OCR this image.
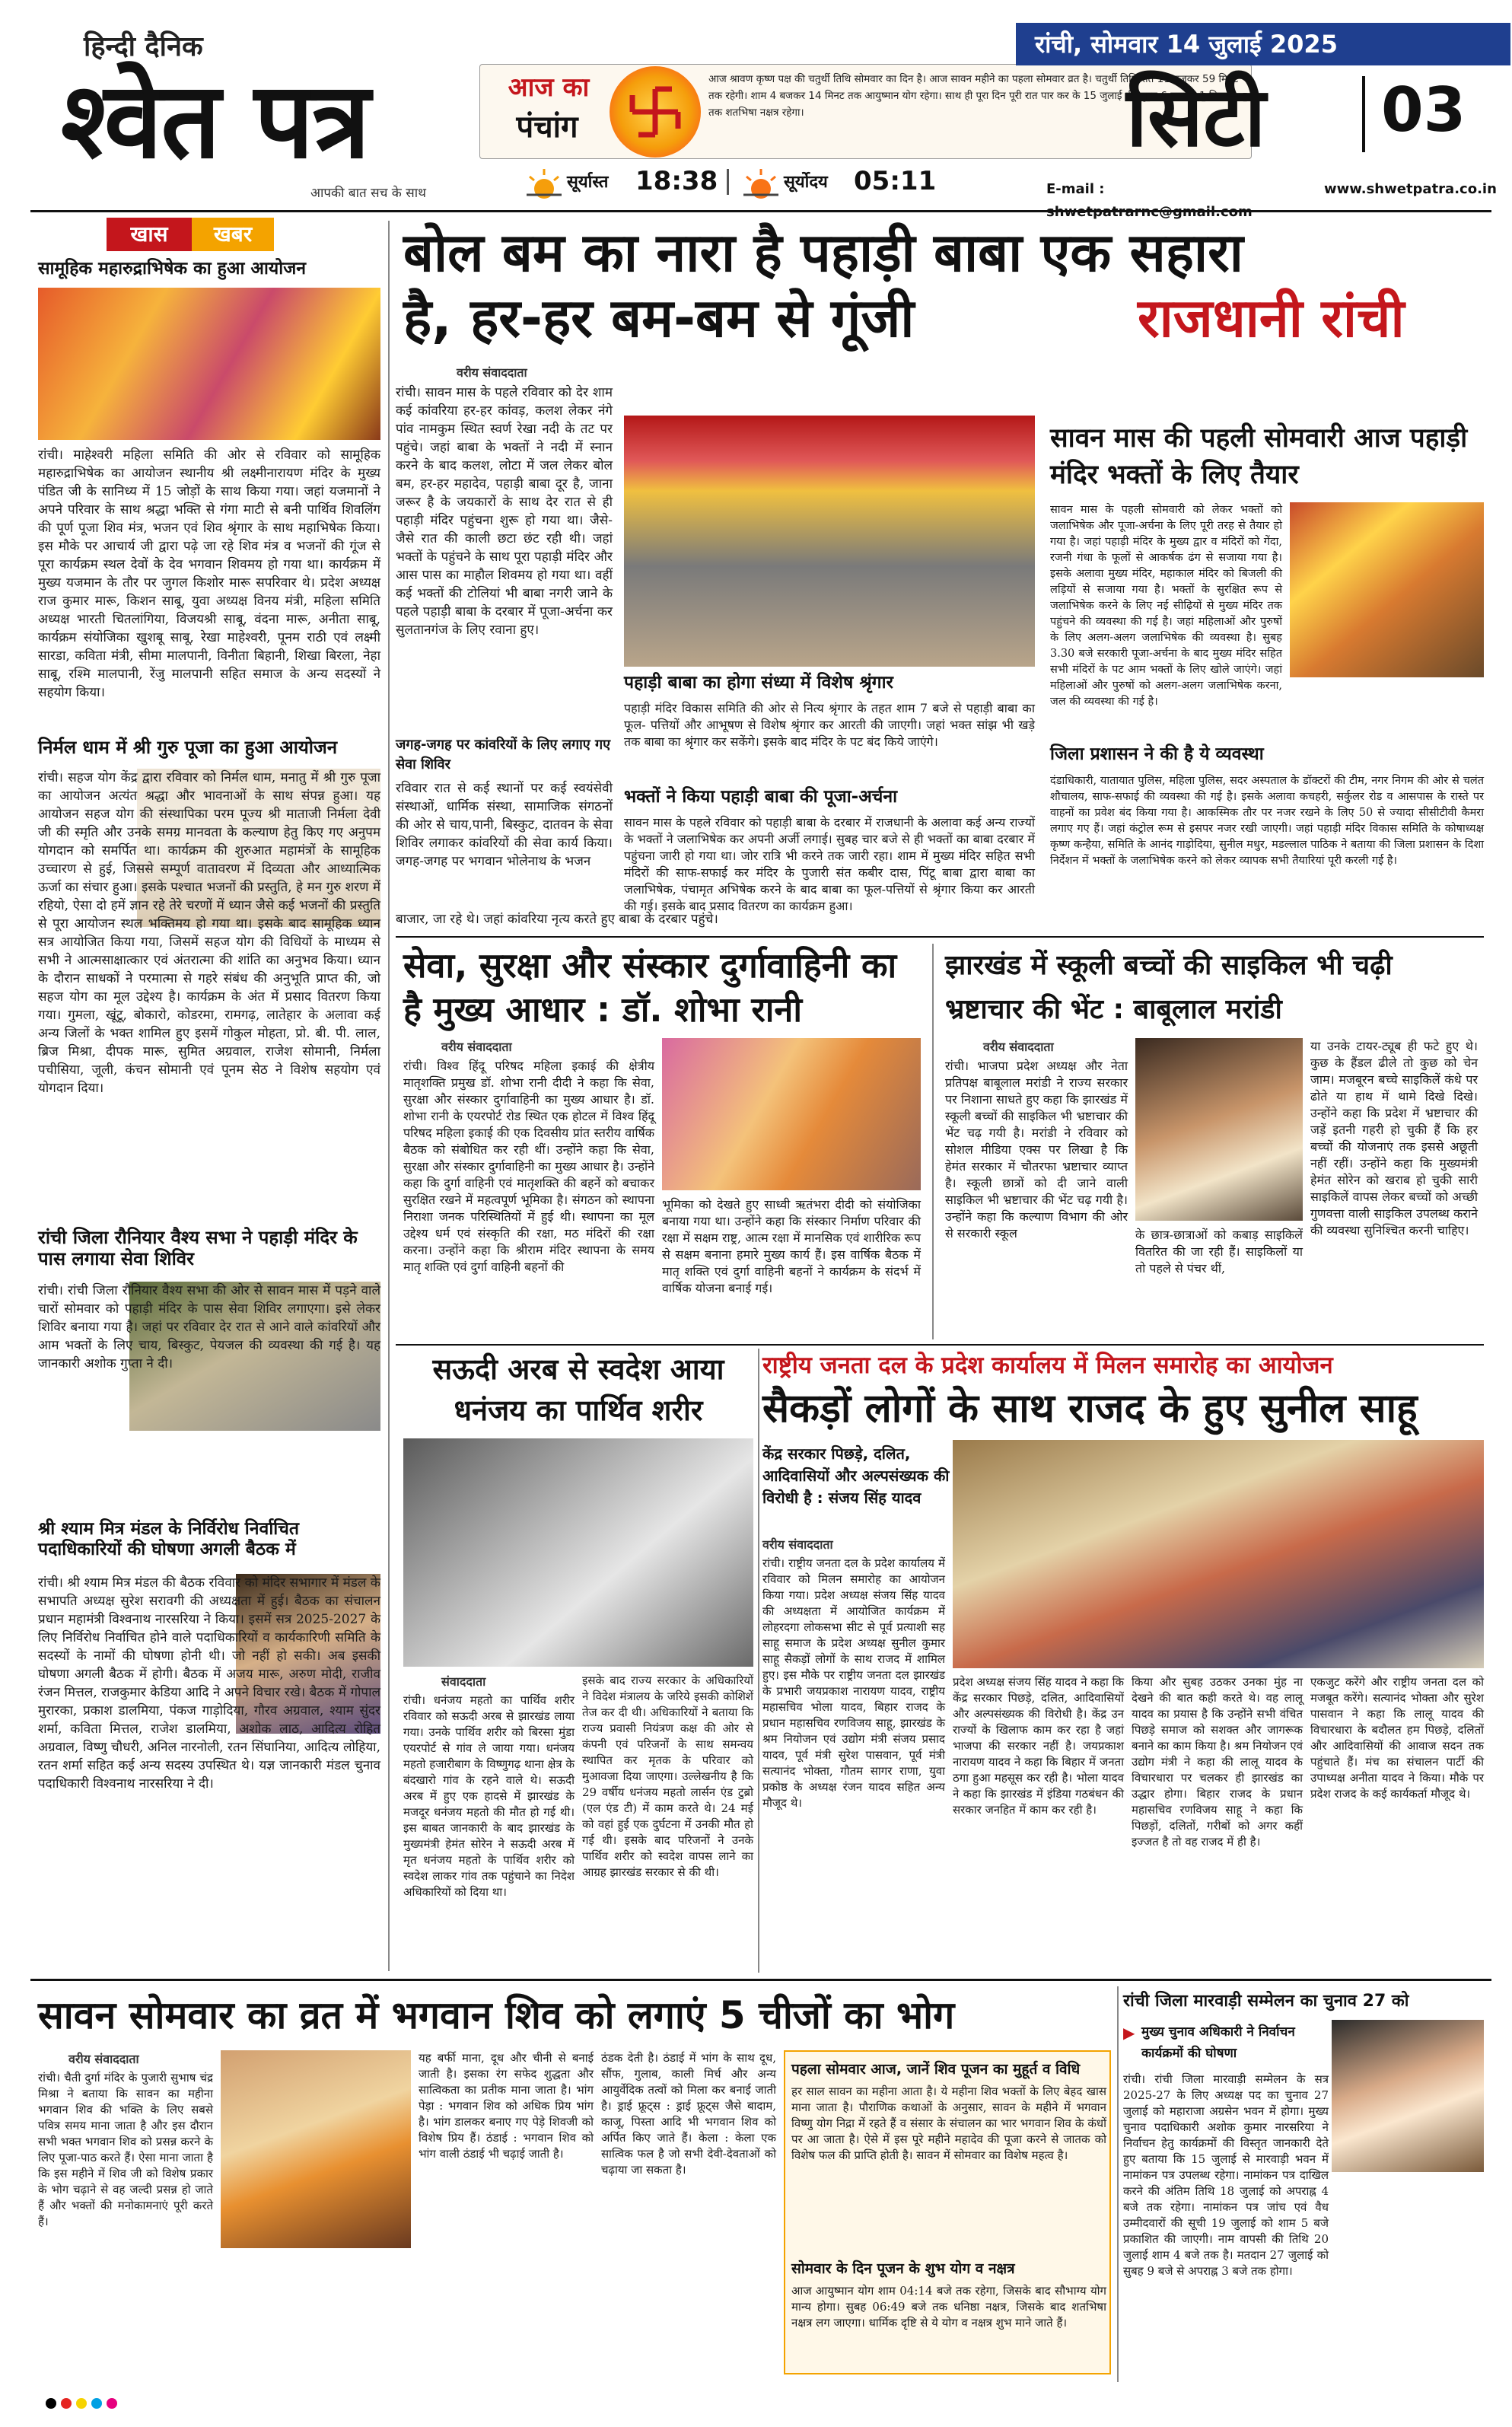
हिन्दी दैनिक
श्वेत पत्र
आपकी बात सच के साथ
आज का
पंचांग
आज श्रावण कृष्ण पक्ष की चतुर्थी तिथि सोमवार का दिन है। आज सावन महीने का पहला सोमवार व्रत है। चतुर्थी तिथि रात 11 बजकर 59 मिनट तक रहेगी। शाम 4 बजकर 14 मिनट तक आयुष्मान योग रहेगा। साथ ही पूरा दिन पूरी रात पार कर के 15 जुलाई की सुबह 6 बजकर 1 मिनट तक शतभिषा नक्षत्र रहेगा।
सूर्यास्त	18:38	सूर्योदय	05:11
रांची, सोमवार 14 जुलाई 2025
सिटी	03
E-mail :	www.shwetpatra.co.in
खास	खबर
सामूहिक महारुद्राभिषेक का हुआ आयोजन
रांची। माहेश्वरी महिला समिति की ओर से रविवार को सामूहिक महारुद्राभिषेक का आयोजन स्थानीय श्री लक्ष्मीनारायण मंदिर के मुख्य पंडित जी के सानिध्य में 15 जोड़ों के साथ किया गया। जहां यजमानों ने अपने परिवार के साथ श्रद्धा भक्ति से गंगा माटी से बनी पार्थिव शिवलिंग की पूर्ण पूजा शिव मंत्र, भजन एवं शिव श्रृंगार के साथ महाभिषेक किया। इस मौके पर आचार्य जी द्वारा पढ़े जा रहे शिव मंत्र व भजनों की गूंज से पूरा कार्यक्रम स्थल देवों के देव भगवान शिवमय हो गया था। कार्यक्रम में मुख्य यजमान के तौर पर जुगल किशोर मारू सपरिवार थे। प्रदेश अध्यक्ष राज कुमार मारू, किशन साबू, युवा अध्यक्ष विनय मंत्री, महिला समिति अध्यक्ष भारती चितलांगिया, विजयश्री साबू, वंदना मारू, अनीता साबू, कार्यक्रम संयोजिका खुशबू साबू, रेखा माहेश्वरी, पूनम राठी एवं लक्ष्मी सारडा, कविता मंत्री, सीमा मालपानी, विनीता बिहानी, शिखा बिरला, नेहा साबू, रश्मि मालपानी, रेंजु मालपानी सहित समाज के अन्य सदस्यों ने सहयोग किया।
निर्मल धाम में श्री गुरु पूजा का हुआ आयोजन
रांची। सहज योग केंद्र द्वारा रविवार को निर्मल धाम, मनातु में श्री गुरु पूजा का आयोजन अत्यंत श्रद्धा और भावनाओं के साथ संपन्न हुआ। यह आयोजन सहज योग की संस्थापिका परम पूज्य श्री माताजी निर्मला देवी जी की स्मृति और उनके समग्र मानवता के कल्याण हेतु किए गए अनुपम योगदान को समर्पित था। कार्यक्रम की शुरुआत महामंत्रों के सामूहिक उच्चारण से हुई, जिससे सम्पूर्ण वातावरण में दिव्यता और आध्यात्मिक ऊर्जा का संचार हुआ। इसके पश्चात भजनों की प्रस्तुति, हे मन गुरु शरण में रहियो, ऐसा दो हमें ज्ञान रहे तेरे चरणों में ध्यान जैसे कई भजनों की प्रस्तुति से पूरा आयोजन स्थल भक्तिमय हो गया था। इसके बाद सामूहिक ध्यान सत्र आयोजित किया गया, जिसमें सहज योग की विधियों के माध्यम से सभी ने आत्मसाक्षात्कार एवं अंतरात्मा की शांति का अनुभव किया। ध्यान के दौरान साधकों ने परमात्मा से गहरे संबंध की अनुभूति प्राप्त की, जो सहज योग का मूल उद्देश्य है। कार्यक्रम के अंत में प्रसाद वितरण किया गया। गुमला, खूंटू, बोकारो, कोडरमा, रामगढ़, लातेहार के अलावा कई अन्य जिलों के भक्त शामिल हुए इसमें गोकुल मोहता, प्रो. बी. पी. लाल, ब्रिज मिश्रा, दीपक मारू, सुमित अग्रवाल, राजेश सोमानी, निर्मला पचीसिया, जूली, कंचन सोमानी एवं पूनम सेठ ने विशेष सहयोग एवं योगदान दिया।
रांची जिला रौनियार वैश्य सभा ने पहाड़ी मंदिर के पास लगाया सेवा शिविर
रांची। रांची जिला रौनियार वैश्य सभा की ओर से सावन मास में पड़ने वाले चारों सोमवार को पहाड़ी मंदिर के पास सेवा शिविर लगाएगा। इसे लेकर शिविर बनाया गया है। जहां पर रविवार देर रात से आने वाले कांवरियों और आम भक्तों के लिए चाय, बिस्कुट, पेयजल की व्यवस्था की गई है। यह जानकारी अशोक गुप्ता ने दी।
श्री श्याम मित्र मंडल के निर्विरोध निर्वाचित पदाधिकारियों की घोषणा अगली बैठक में
रांची। श्री श्याम मित्र मंडल की बैठक रविवार को मंदिर सभागार में मंडल के सभापति अध्यक्ष सुरेश सरावगी की अध्यक्षता में हुई। बैठक का संचालन प्रधान महामंत्री विश्वनाथ नारसरिया ने किया। इसमें सत्र 2025-2027 के लिए निर्विरोध निर्वाचित होने वाले पदाधिकारियों व कार्यकारिणी समिति के सदस्यों के नामों की घोषणा होनी थी। जो नहीं हो सकी। अब इसकी घोषणा अगली बैठक में होगी। बैठक में अजय मारू, अरुण मोदी, राजीव रंजन मित्तल, राजकुमार केडिया आदि ने अपने विचार रखे। बैठक में गोपाल मुरारका, प्रकाश डालमिया, पंकज गाड़ोदिया, गौरव अग्रवाल, श्याम सुंदर शर्मा, कविता मित्तल, राजेश डालमिया, अशोक लाठ, आदित्य रोहित अग्रवाल, विष्णु चौधरी, अनिल नारनोली, रतन सिंघानिया, आदित्य लोहिया, रतन शर्मा सहित कई अन्य सदस्य उपस्थित थे। यज्ञ जानकारी मंडल चुनाव पदाधिकारी विश्वनाथ नारसरिया ने दी।
बोल बम का नारा है पहाड़ी बाबा एक सहारा
है, हर-हर बम-बम से गूंजी	राजधानी रांची
वरीय संवाददाता
रांची। सावन मास के पहले रविवार को देर शाम कई कांवरिया हर-हर कांवड़, कलश लेकर नंगे पांव नामकुम स्थित स्वर्ण रेखा नदी के तट पर पहुंचे। जहां बाबा के भक्तों ने नदी में स्नान करने के बाद कलश, लोटा में जल लेकर बोल बम, हर-हर महादेव, पहाड़ी बाबा दूर है, जाना जरूर है के जयकारों के साथ देर रात से ही पहाड़ी मंदिर पहुंचना शुरू हो गया था। जैसे-जैसे रात की काली छटा छंट रही थी। जहां भक्तों के पहुंचने के साथ पूरा पहाड़ी मंदिर और आस पास का माहौल शिवमय हो गया था। वहीं कई भक्तों की टोलियां भी बाबा नगरी जाने के पहले पहाड़ी बाबा के दरबार में पूजा-अर्चना कर सुलतानगंज के लिए रवाना हुए।
जगह-जगह पर कांवरियों के लिए लगाए गए सेवा शिविर
रविवार रात से कई स्थानों पर कई स्वयंसेवी संस्थाओं, धार्मिक संस्था, सामाजिक संगठनों की ओर से चाय,पानी, बिस्कुट, दातवन के सेवा शिविर लगाकर कांवरियों की सेवा कार्य किया। जगह-जगह पर भगवान भोलेनाथ के भजन
पहाड़ी बाबा का होगा संध्या में विशेष श्रृंगार
पहाड़ी मंदिर विकास समिति की ओर से नित्य श्रृंगार के तहत शाम 7 बजे से पहाड़ी बाबा का फूल- पत्तियों और आभूषण से विशेष श्रृंगार कर आरती की जाएगी। जहां भक्त सांझ भी खड़े तक बाबा का श्रृंगार कर सकेंगे। इसके बाद मंदिर के पट बंद किये जाएंगे।
भक्तों ने किया पहाड़ी बाबा की पूजा-अर्चना
सावन मास के पहले रविवार को पहाड़ी बाबा के दरबार में राजधानी के अलावा कई अन्य राज्यों के भक्तों ने जलाभिषेक कर अपनी अर्जी लगाई। सुबह चार बजे से ही भक्तों का बाबा दरबार में पहुंचना जारी हो गया था। जोर रात्रि भी करने तक जारी रहा। शाम में मुख्य मंदिर सहित सभी मंदिरों की साफ-सफाई कर मंदिर के पुजारी संत कबीर दास, पिंटू बाबा द्वारा बाबा का जलाभिषेक, पंचामृत अभिषेक करने के बाद बाबा का फूल-पत्तियों से श्रृंगार किया कर आरती की गई। इसके बाद प्रसाद वितरण का कार्यक्रम हुआ।
बाजार, जा रहे थे। जहां कांवरिया नृत्य करते हुए बाबा के दरबार पहुंचे।
सावन मास की पहली सोमवारी आज पहाड़ी मंदिर भक्तों के लिए तैयार
सावन मास के पहली सोमवारी को लेकर भक्तों को जलाभिषेक और पूजा-अर्चना के लिए पूरी तरह से तैयार हो गया है। जहां पहाड़ी मंदिर के मुख्य द्वार व मंदिरों को गेंदा, रजनी गंधा के फूलों से आकर्षक ढंग से सजाया गया है। इसके अलावा मुख्य मंदिर, महाकाल मंदिर को बिजली की लड़ियों से सजाया गया है। भक्तों के सुरक्षित रूप से जलाभिषेक करने के लिए नई सीढ़ियों से मुख्य मंदिर तक पहुंचने की व्यवस्था की गई है। जहां महिलाओं और पुरुषों के लिए अलग-अलग जलाभिषेक की व्यवस्था है। सुबह 3.30 बजे सरकारी पूजा-अर्चना के बाद मुख्य मंदिर सहित सभी मंदिरों के पट आम भक्तों के लिए खोले जाएंगे। जहां महिलाओं और पुरुषों को अलग-अलग जलाभिषेक करना, जल की व्यवस्था की गई है।
जिला प्रशासन ने की है ये व्यवस्था
दंडाधिकारी, यातायात पुलिस, महिला पुलिस, सदर अस्पताल के डॉक्टरों की टीम, नगर निगम की ओर से चलंत शौचालय, साफ-सफाई की व्यवस्था की गई है। इसके अलावा कचहरी, सर्कुलर रोड व आसपास के रास्ते पर वाहनों का प्रवेश बंद किया गया है। आकस्मिक तौर पर नजर रखने के लिए 50 से ज्यादा सीसीटीवी कैमरा लगाए गए हैं। जहां कंट्रोल रूम से इसपर नजर रखी जाएगी। जहां पहाड़ी मंदिर विकास समिति के कोषाध्यक्ष कृष्ण कन्हैया, समिति के आनंद गाड़ोदिया, सुनील मधुर, मडल्लाल पाठिक ने बताया की जिला प्रशासन के दिशा निर्देशन में भक्तों के जलाभिषेक करने को लेकर व्यापक सभी तैयारियां पूरी करली गई है।
सेवा, सुरक्षा और संस्कार दुर्गावाहिनी का है मुख्य आधार : डॉ. शोभा रानी
वरीय संवाददाता
रांची। विश्व हिंदू परिषद महिला इकाई की क्षेत्रीय मातृशक्ति प्रमुख डॉ. शोभा रानी दीदी ने कहा कि सेवा, सुरक्षा और संस्कार दुर्गावाहिनी का मुख्य आधार है। डॉ. शोभा रानी के एयरपोर्ट रोड स्थित एक होटल में विश्व हिंदू परिषद महिला इकाई की एक दिवसीय प्रांत स्तरीय वार्षिक बैठक को संबोधित कर रही थीं। उन्होंने कहा कि सेवा, सुरक्षा और संस्कार दुर्गावाहिनी का मुख्य आधार है। उन्होंने कहा कि दुर्गा वाहिनी एवं मातृशक्ति की बहनें को बचाकर सुरक्षित रखने में महत्वपूर्ण भूमिका है। संगठन को स्थापना निराशा जनक परिस्थितियों में हुई थी। स्थापना का मूल उद्देश्य धर्म एवं संस्कृति की रक्षा, मठ मंदिरों की रक्षा करना। उन्होंने कहा कि श्रीराम मंदिर स्थापना के समय मातृ शक्ति एवं दुर्गा वाहिनी बहनों की
भूमिका को देखते हुए साध्वी ऋतंभरा दीदी को संयोजिका बनाया गया था। उन्होंने कहा कि संस्कार निर्माण परिवार की रक्षा में सक्षम राष्ट्र, आत्म रक्षा में मानसिक एवं शारीरिक रूप से सक्षम बनाना हमारे मुख्य कार्य हैं। इस वार्षिक बैठक में मातृ शक्ति एवं दुर्गा वाहिनी बहनों ने कार्यक्रम के संदर्भ में वार्षिक योजना बनाई गई।
झारखंड में स्कूली बच्चों की साइकिल भी चढ़ी भ्रष्टाचार की भेंट : बाबूलाल मरांडी
वरीय संवाददाता
रांची। भाजपा प्रदेश अध्यक्ष और नेता प्रतिपक्ष बाबूलाल मरांडी ने राज्य सरकार पर निशाना साधते हुए कहा कि झारखंड में स्कूली बच्चों की साइकिल भी भ्रष्टाचार की भेंट चढ़ गयी है। मरांडी ने रविवार को सोशल मीडिया एक्स पर लिखा है कि हेमंत सरकार में चौतरफा भ्रष्टाचार व्याप्त है। स्कूली छात्रों को दी जाने वाली साइकिल भी भ्रष्टाचार की भेंट चढ़ गयी है। उन्होंने कहा कि कल्याण विभाग की ओर से सरकारी स्कूल	के छात्र-छात्राओं को कबाड़ साइकिलें वितरित की जा रही हैं। साइकिलों या तो पहले से पंचर थीं,
या उनके टायर-ट्यूब ही फटे हुए थे। कुछ के हैंडल ढीले तो कुछ को चेन जाम। मजबूरन बच्चे साइकिलें कंधे पर ढोते या हाथ में थामे दिखे दिखे। उन्होंने कहा कि प्रदेश में भ्रष्टाचार की जड़ें इतनी गहरी हो चुकी हैं कि हर बच्चों की योजनाएं तक इससे अछूती नहीं रहीं। उन्होंने कहा कि मुख्यमंत्री हेमंत सोरेन को खराब हो चुकी सारी साइकिलें वापस लेकर बच्चों को अच्छी गुणवत्ता वाली साइकिल उपलब्ध कराने की व्यवस्था सुनिश्चित करनी चाहिए।
सऊदी अरब से स्वदेश आया धनंजय का पार्थिव शरीर
संवाददाता
रांची। धनंजय महतो का पार्थिव शरीर रविवार को सऊदी अरब से झारखंड लाया गया। उनके पार्थिव शरीर को बिरसा मुंडा एयरपोर्ट से गांव ले जाया गया। धनंजय महतो हजारीबाग के विष्णुगढ़ थाना क्षेत्र के बंदखारो गांव के रहने वाले थे। सऊदी अरब में हुए एक हादसे में झारखंड के मजदूर धनंजय महतो की मौत हो गई थी। इस बाबत जानकारी के बाद झारखंड के मुख्यमंत्री हेमंत सोरेन ने सऊदी अरब में मृत धनंजय महतो के पार्थिव शरीर को स्वदेश लाकर गांव तक पहुंचाने का निदेश अधिकारियों को दिया था।
इसके बाद राज्य सरकार के अधिकारियों ने विदेश मंत्रालय के जरिये इसकी कोशिशें तेज कर दी थी। अधिकारियों ने बताया कि राज्य प्रवासी नियंत्रण कक्ष की ओर से कंपनी एवं परिजनों के साथ समन्वय स्थापित कर मृतक के परिवार को मुआवजा दिया जाएगा। उल्लेखनीय है कि 29 वर्षीय धनंजय महतो लार्सन एंड टुब्रो (एल एंड टी) में काम करते थे। 24 मई को वहां हुई एक दुर्घटना में उनकी मौत हो गई थी। इसके बाद परिजनों ने उनके पार्थिव शरीर को स्वदेश वापस लाने का आग्रह झारखंड सरकार से की थी।
राष्ट्रीय जनता दल के प्रदेश कार्यालय में मिलन समारोह का आयोजन
सैकड़ों लोगों के साथ राजद के हुए सुनील साहू
केंद्र सरकार पिछड़े, दलित, आदिवासियों और अल्पसंख्यक की विरोधी है : संजय सिंह यादव
वरीय संवाददाता
रांची। राष्ट्रीय जनता दल के प्रदेश कार्यालय में रविवार को मिलन समारोह का आयोजन किया गया। प्रदेश अध्यक्ष संजय सिंह यादव की अध्यक्षता में आयोजित कार्यक्रम में लोहरदगा लोकसभा सीट से पूर्व प्रत्याशी सह साहू समाज के प्रदेश अध्यक्ष सुनील कुमार साहू सैकड़ों लोगों के साथ राजद में शामिल हुए। इस मौके पर राष्ट्रीय जनता दल झारखंड के प्रभारी जयप्रकाश नारायण यादव, राष्ट्रीय महासचिव भोला यादव, बिहार राजद के प्रधान महासचिव रणविजय साहू, झारखंड के श्रम नियोजन एवं उद्योग मंत्री संजय प्रसाद यादव, पूर्व मंत्री सुरेश पासवान, पूर्व मंत्री सत्यानंद भोक्ता, गौतम सागर राणा, युवा प्रकोष्ठ के अध्यक्ष रंजन यादव सहित अन्य मौजूद थे।
प्रदेश अध्यक्ष संजय सिंह यादव ने कहा कि केंद्र सरकार पिछड़े, दलित, आदिवासियों और अल्पसंख्यक की विरोधी है। केंद्र उन राज्यों के खिलाफ काम कर रहा है जहां भाजपा की सरकार नहीं है। जयप्रकाश नारायण यादव ने कहा कि बिहार में जनता ठगा हुआ महसूस कर रही है। भोला यादव ने कहा कि झारखंड में इंडिया गठबंधन की सरकार जनहित में काम कर रही है।
किया और सुबह उठकर उनका मुंह ना देखने की बात कही करते थे। वह लालू यादव का प्रयास है कि उन्होंने सभी वंचित पिछड़े समाज को सशक्त और जागरूक बनाने का काम किया है। श्रम नियोजन एवं उद्योग मंत्री ने कहा की लालू यादव के विचारधारा पर चलकर ही झारखंड का उद्धार होगा। बिहार राजद के प्रधान महासचिव रणविजय साहू ने कहा कि पिछड़ों, दलितों, गरीबों को अगर कहीं इज्जत है तो वह राजद में ही है।
एकजुट करेंगे और राष्ट्रीय जनता दल को मजबूत करेंगे। सत्यानंद भोक्ता और सुरेश पासवान ने कहा कि लालू यादव की विचारधारा के बदौलत हम पिछड़े, दलितों और आदिवासियों की आवाज सदन तक पहुंचाते हैं। मंच का संचालन पार्टी की उपाध्यक्ष अनीता यादव ने किया। मौके पर प्रदेश राजद के कई कार्यकर्ता मौजूद थे।
सावन सोमवार का व्रत में भगवान शिव को लगाएं 5 चीजों का भोग
वरीय संवाददाता
रांची। चैती दुर्गा मंदिर के पुजारी सुभाष चंद्र मिश्रा ने बताया कि सावन का महीना भगवान शिव की भक्ति के लिए सबसे पवित्र समय माना जाता है और इस दौरान सभी भक्त भगवान शिव को प्रसन्न करने के लिए पूजा-पाठ करते हैं। ऐसा माना जाता है कि इस महीने में शिव जी को विशेष प्रकार के भोग चढ़ाने से वह जल्दी प्रसन्न हो जाते हैं और भक्तों की मनोकामनाएं पूरी करते हैं।
यह बर्फी माना, दूध और चीनी से बनाई जाती है। इसका रंग सफेद शुद्धता और सात्विकता का प्रतीक माना जाता है। भांग पेड़ा : भगवान शिव को अधिक प्रिय भांग है। भांग डालकर बनाए गए पेड़े शिवजी को विशेष प्रिय हैं। ठंडाई : भगवान शिव को भांग वाली ठंडाई भी चढ़ाई जाती है।
ठंडक देती है। ठंडाई में भांग के साथ दूध, सौंफ, गुलाब, काली मिर्च और अन्य आयुर्वेदिक तत्वों को मिला कर बनाई जाती है। ड्राई फ्रूट्स : ड्राई फ्रूट्स जैसे बादाम, काजू, पिस्ता आदि भी भगवान शिव को अर्पित किए जाते हैं। केला : केला एक सात्विक फल है जो सभी देवी-देवताओं को चढ़ाया जा सकता है।
पहला सोमवार आज, जानें शिव पूजन का मुहूर्त व विधि
हर साल सावन का महीना आता है। ये महीना शिव भक्तों के लिए बेहद खास माना जाता है। पौराणिक कथाओं के अनुसार, सावन के महीने में भगवान विष्णु योग निद्रा में रहते हैं व संसार के संचालन का भार भगवान शिव के कंधों पर आ जाता है। ऐसे में इस पूरे महीने महादेव की पूजा करने से जातक को विशेष फल की प्राप्ति होती है। सावन में सोमवार का विशेष महत्व है।
सोमवार के दिन पूजन के शुभ योग व नक्षत्र
आज आयुष्मान योग शाम 04:14 बजे तक रहेगा, जिसके बाद सौभाग्य योग मान्य होगा। सुबह 06:49 बजे तक धनिष्ठा नक्षत्र, जिसके बाद शतभिषा नक्षत्र लग जाएगा। धार्मिक दृष्टि से ये योग व नक्षत्र शुभ माने जाते हैं।
रांची जिला मारवाड़ी सम्मेलन का चुनाव 27 को
▶ मुख्य चुनाव अधिकारी ने निर्वाचन कार्यक्रमों की घोषणा
रांची। रांची जिला मारवाड़ी सम्मेलन के सत्र 2025-27 के लिए अध्यक्ष पद का चुनाव 27 जुलाई को महाराजा अग्रसेन भवन में होगा। मुख्य चुनाव पदाधिकारी अशोक कुमार नारसरिया ने निर्वाचन हेतु कार्यक्रमों की विस्तृत जानकारी देते हुए बताया कि 15 जुलाई से मारवाड़ी भवन में नामांकन पत्र उपलब्ध रहेगा। नामांकन पत्र दाखिल करने की अंतिम तिथि 18 जुलाई को अपराह्न 4 बजे तक रहेगा। नामांकन पत्र जांच एवं वैध उम्मीदवारों की सूची 19 जुलाई को शाम 5 बजे प्रकाशित की जाएगी। नाम वापसी की तिथि 20 जुलाई शाम 4 बजे तक है। मतदान 27 जुलाई को सुबह 9 बजे से अपराह्न 3 बजे तक होगा।
